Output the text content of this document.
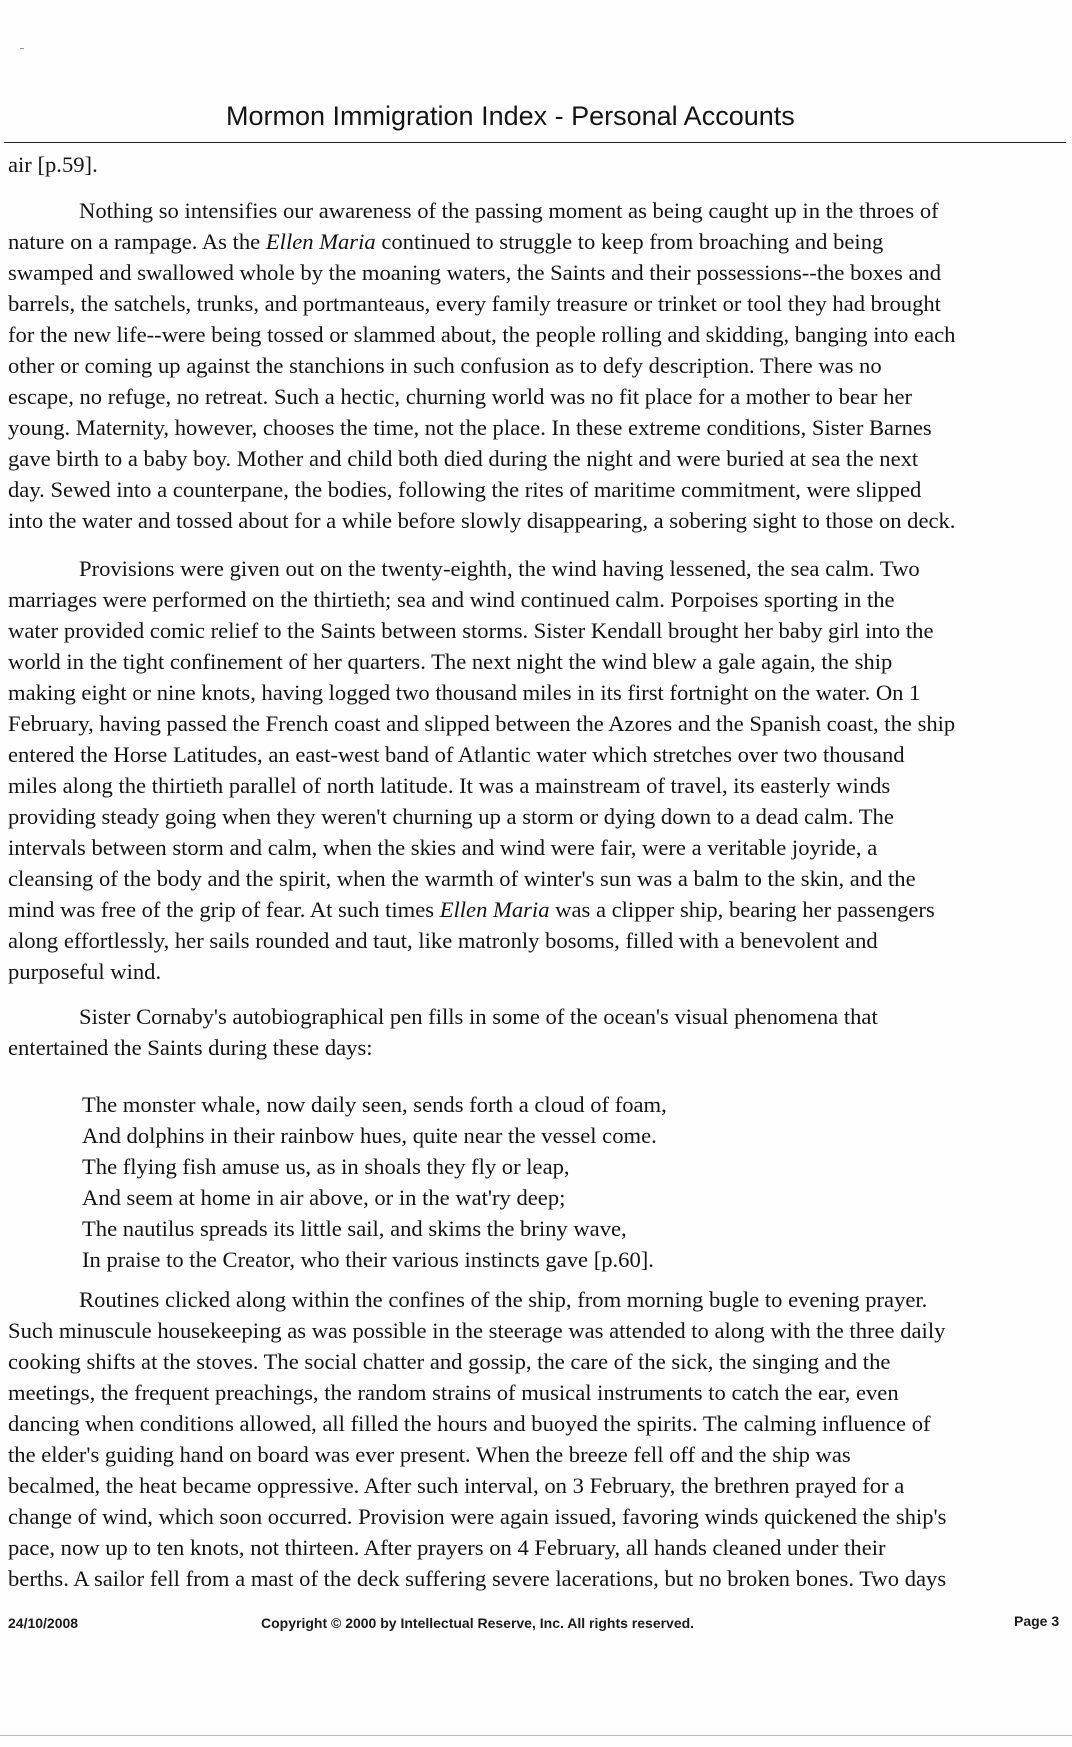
Mormon Immigration Index - Personal Accounts
air [p.59].
Nothing so intensifies our awareness of the passing moment as being caught up in the throes of
nature on a rampage. As the Ellen Maria continued to struggle to keep from broaching and being
swamped and swallowed whole by the moaning waters, the Saints and their possessions--the boxes and
barrels, the satchels, trunks, and portmanteaus, every family treasure or trinket or tool they had brought
for the new life--were being tossed or slammed about, the people rolling and skidding, banging into each
other or coming up against the stanchions in such confusion as to defy description. There was no
escape, no refuge, no retreat. Such a hectic, churning world was no fit place for a mother to bear her
young. Maternity, however, chooses the time, not the place. In these extreme conditions, Sister Barnes
gave birth to a baby boy. Mother and child both died during the night and were buried at sea the next
day. Sewed into a counterpane, the bodies, following the rites of maritime commitment, were slipped
into the water and tossed about for a while before slowly disappearing, a sobering sight to those on deck.
Provisions were given out on the twenty-eighth, the wind having lessened, the sea calm. Two
marriages were performed on the thirtieth; sea and wind continued calm. Porpoises sporting in the
water provided comic relief to the Saints between storms. Sister Kendall brought her baby girl into the
world in the tight confinement of her quarters. The next night the wind blew a gale again, the ship
making eight or nine knots, having logged two thousand miles in its first fortnight on the water. On 1
February, having passed the French coast and slipped between the Azores and the Spanish coast, the ship
entered the Horse Latitudes, an east-west band of Atlantic water which stretches over two thousand
miles along the thirtieth parallel of north latitude. It was a mainstream of travel, its easterly winds
providing steady going when they weren't churning up a storm or dying down to a dead calm. The
intervals between storm and calm, when the skies and wind were fair, were a veritable joyride, a
cleansing of the body and the spirit, when the warmth of winter's sun was a balm to the skin, and the
mind was free of the grip of fear. At such times Ellen Maria was a clipper ship, bearing her passengers
along effortlessly, her sails rounded and taut, like matronly bosoms, filled with a benevolent and
purposeful wind.
Sister Cornaby's autobiographical pen fills in some of the ocean's visual phenomena that
entertained the Saints during these days:
The monster whale, now daily seen, sends forth a cloud of foam,
And dolphins in their rainbow hues, quite near the vessel come.
The flying fish amuse us, as in shoals they fly or leap,
And seem at home in air above, or in the wat'ry deep;
The nautilus spreads its little sail, and skims the briny wave,
In praise to the Creator, who their various instincts gave [p.60].
Routines clicked along within the confines of the ship, from morning bugle to evening prayer.
Such minuscule housekeeping as was possible in the steerage was attended to along with the three daily
cooking shifts at the stoves. The social chatter and gossip, the care of the sick, the singing and the
meetings, the frequent preachings, the random strains of musical instruments to catch the ear, even
dancing when conditions allowed, all filled the hours and buoyed the spirits. The calming influence of
the elder's guiding hand on board was ever present. When the breeze fell off and the ship was
becalmed, the heat became oppressive. After such interval, on 3 February, the brethren prayed for a
change of wind, which soon occurred. Provision were again issued, favoring winds quickened the ship's
pace, now up to ten knots, not thirteen. After prayers on 4 February, all hands cleaned under their
berths. A sailor fell from a mast of the deck suffering severe lacerations, but no broken bones. Two days
24/10/2008	Copyright © 2000 by Intellectual Reserve, Inc. All rights reserved.	Page 3
